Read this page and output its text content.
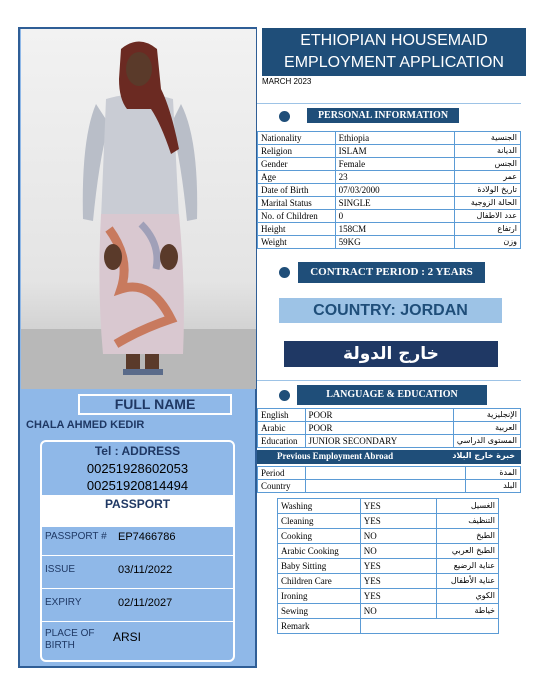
FULL NAME
CHALA AHMED KEDIR
Tel : ADDRESS
00251928602053
00251920814494
PASSPORT
PASSPORT # EP7466786
ISSUE	03/11/2022
EXPIRY	02/11/2027
PLACE OF
BIRTH
ARSI
ETHIOPIAN HOUSEMAID
EMPLOYMENT APPLICATION
MARCH 2023
PERSONAL INFORMATION
Nationality	Ethiopia	الجنسية
Religion	ISLAM	الديانة
Gender	Female	الجنس
Age	23	عمر
Date of Birth	07/03/2000	تاريخ الولادة
Marital Status	SINGLE	الحالة الزوجية
No. of Children	0	عدد الاطفال
Height	158CM	ارتفاع
Weight	59KG	وزن
CONTRACT PERIOD : 2 YEARS
COUNTRY: JORDAN
خارج الدولة
LANGUAGE & EDUCATION
English	POOR	الإنجليزية
Arabic	POOR	العربية
Education	JUNIOR SECONDARY	المستوى الدراسي
Previous Employment Abroad	خبرة خارج البلاد
Period		المدة
Country		البلد
Washing	YES	الغسيل
Cleaning	YES	التنظيف
Cooking	NO	الطبخ
Arabic Cooking	NO	الطبخ العربي
Baby Sitting	YES	عناية الرضيع
Children Care	YES	عناية الأطفال
Ironing	YES	الكوي
Sewing	NO	خياطة
Remark		
